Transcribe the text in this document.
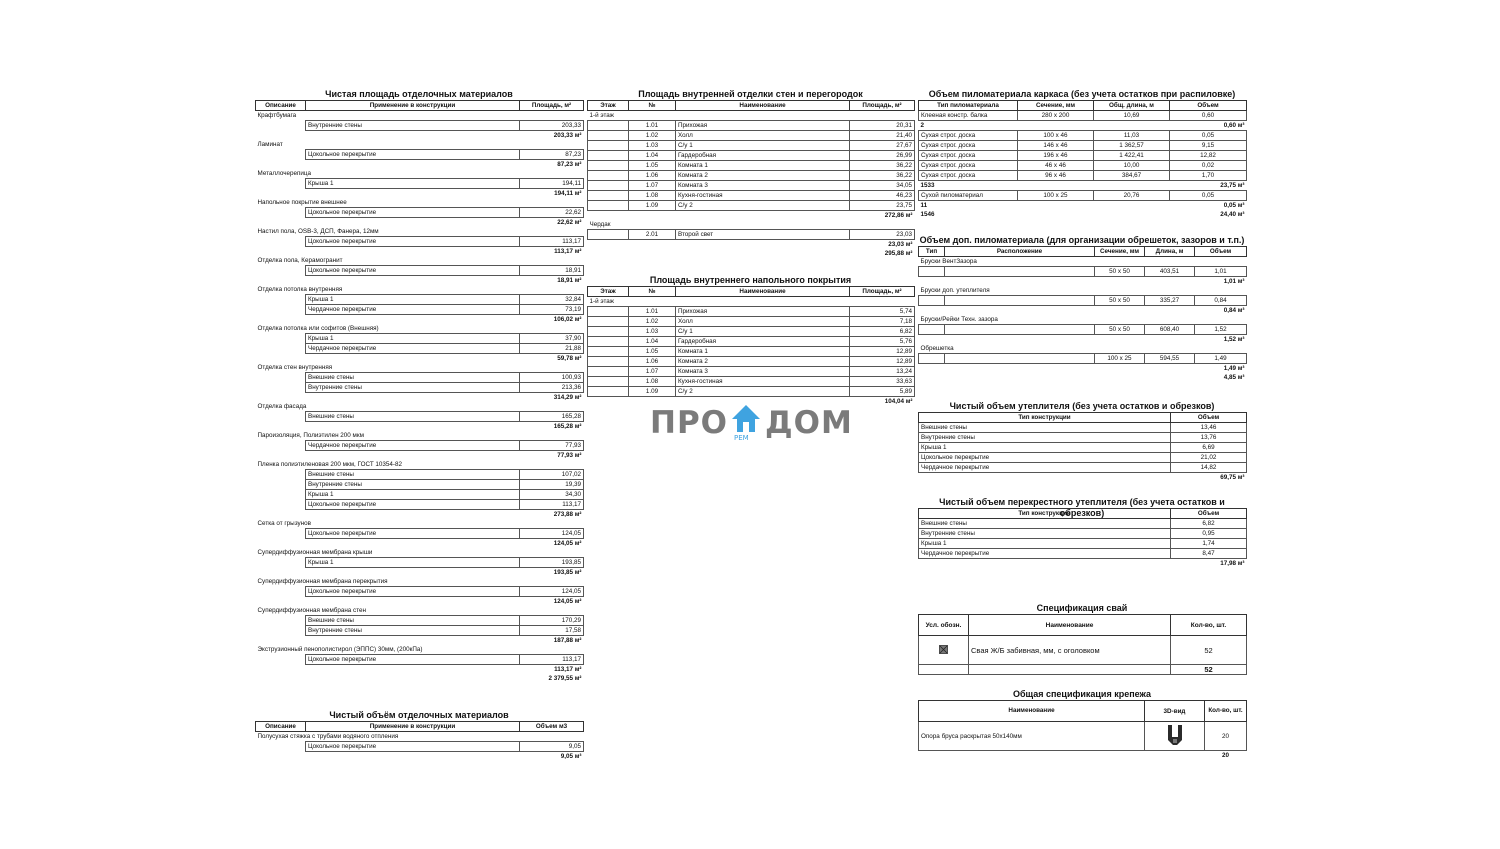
Чистая площадь отделочных материалов
Описание	Применение в конструкции	Площадь, м²
Крафтбумага		
	Внутренние стены	203,33
		203,33 м²
Ламинат		
	Цокольное перекрытие	87,23
		87,23 м²
Металлочерепица		
	Крыша 1	194,11
		194,11 м²
Напольное покрытие внешнее		
	Цокольное перекрытие	22,62
		22,62 м²
Настил пола, OSB-3, ДСП, Фанера, 12мм		
	Цокольное перекрытие	113,17
		113,17 м²
Отделка пола, Керамогранит		
	Цокольное перекрытие	18,91
		18,91 м²
Отделка потолка внутренняя		
	Крыша 1	32,84
	Чердачное перекрытие	73,19
		106,02 м²
Отделка потолка или софитов (Внешняя)		
	Крыша 1	37,90
	Чердачное перекрытие	21,88
		59,78 м²
Отделка стен внутренняя		
	Внешние стены	100,93
	Внутренние стены	213,36
		314,29 м²
Отделка фасада		
	Внешние стены	165,28
		165,28 м²
Пароизоляция, Полиэтилен 200 мкм		
	Чердачное перекрытие	77,93
		77,93 м²
Пленка полиэтиленовая 200 мкм, ГОСТ 10354-82		
	Внешние стены	107,02
	Внутренние стены	19,39
	Крыша 1	34,30
	Цокольное перекрытие	113,17
		273,88 м²
Сетка от грызунов		
	Цокольное перекрытие	124,05
		124,05 м²
Супердиффузионная мембрана крыши		
	Крыша 1	193,85
		193,85 м²
Супердиффузионная мембрана перекрытия		
	Цокольное перекрытие	124,05
		124,05 м²
Супердиффузионная мембрана стен		
	Внешние стены	170,29
	Внутренние стены	17,58
		187,88 м²
Экструзионный пенополистирол (ЭППС) 30мм, (200кПа)		
	Цокольное перекрытие	113,17
		113,17 м²
		2 379,55 м²
Чистый объём отделочных материалов
Описание	Применение в конструкции	Объем м3
Полусухая стяжка с трубами водяного отпления		
	Цокольное перекрытие	9,05
		9,05 м³
Площадь внутренней отделки стен и перегородок
Этаж	№	Наименование	Площадь, м²
1-й этаж			
	1.01	Прихожая	20,31
	1.02	Холл	21,40
	1.03	С/у 1	27,67
	1.04	Гардеробная	26,99
	1.05	Комната 1	36,22
	1.06	Комната 2	36,22
	1.07	Комната 3	34,05
	1.08	Кухня-гостиная	46,23
	1.09	С/у 2	23,75
			272,86 м²
Чердак			
	2.01	Второй свет	23,03
			23,03 м²
			295,88 м²
Площадь внутреннего напольного покрытия
Этаж	№	Наименование	Площадь, м²
1-й этаж			
	1.01	Прихожая	5,74
	1.02	Холл	7,18
	1.03	С/у 1	6,82
	1.04	Гардеробная	5,76
	1.05	Комната 1	12,89
	1.06	Комната 2	12,89
	1.07	Комната 3	13,24
	1.08	Кухня-гостиная	33,63
	1.09	С/у 2	5,89
			104,04 м²
ПРО РЕМ ДОМ
Объем пиломатериала каркаса (без учета остатков при распиловке)
Тип пиломатериала	Сечение, мм	Общ. длина, м	Объем
Клееная констр. балка	280 x 200	10,69	0,60
2			0,60 м³
Сухая строг. доска	100 x 46	11,03	0,05
Сухая строг. доска	146 x 46	1 362,57	9,15
Сухая строг. доска	196 x 46	1 422,41	12,82
Сухая строг. доска	46 x 46	10,00	0,02
Сухая строг. доска	96 x 46	384,67	1,70
1533			23,75 м³
Сухой пиломатериал	100 x 25	20,76	0,05
11			0,05 м³
1546			24,40 м³
Объем доп. пиломатериала (для организации обрешеток, зазоров и т.п.)
Тип	Расположение	Сечение, мм	Длина, м	Объем
Бруски ВентЗазора				
		50 x 50	403,51	1,01
				1,01 м³
Бруски доп. утеплителя				
		50 x 50	335,27	0,84
				0,84 м³
Бруски/Рейки Техн. зазора				
		50 x 50	608,40	1,52
				1,52 м³
Обрешетка				
		100 x 25	594,55	1,49
				1,49 м³
				4,85 м³
Чистый объем утеплителя (без учета остатков и обрезков)
Тип конструкции	Объем
Внешние стены	13,46
Внутренние стены	13,76
Крыша 1	6,69
Цокольное перекрытие	21,02
Чердачное перекрытие	14,82
	69,75 м³
Чистый объем перекрестного утеплителя (без учета остатков и обрезков)
Тип конструкции	Объем
Внешние стены	6,82
Внутренние стены	0,95
Крыша 1	1,74
Чердачное перекрытие	8,47
	17,98 м³
Спецификация свай
Усл. обозн.	Наименование	Кол-во, шт.
	Свая Ж/Б забивная, мм, с оголовком	52
		52
Общая спецификация крепежа
Наименование	3D-вид	Кол-во, шт.
Опора бруса раскрытая 50х140мм		20
		20
